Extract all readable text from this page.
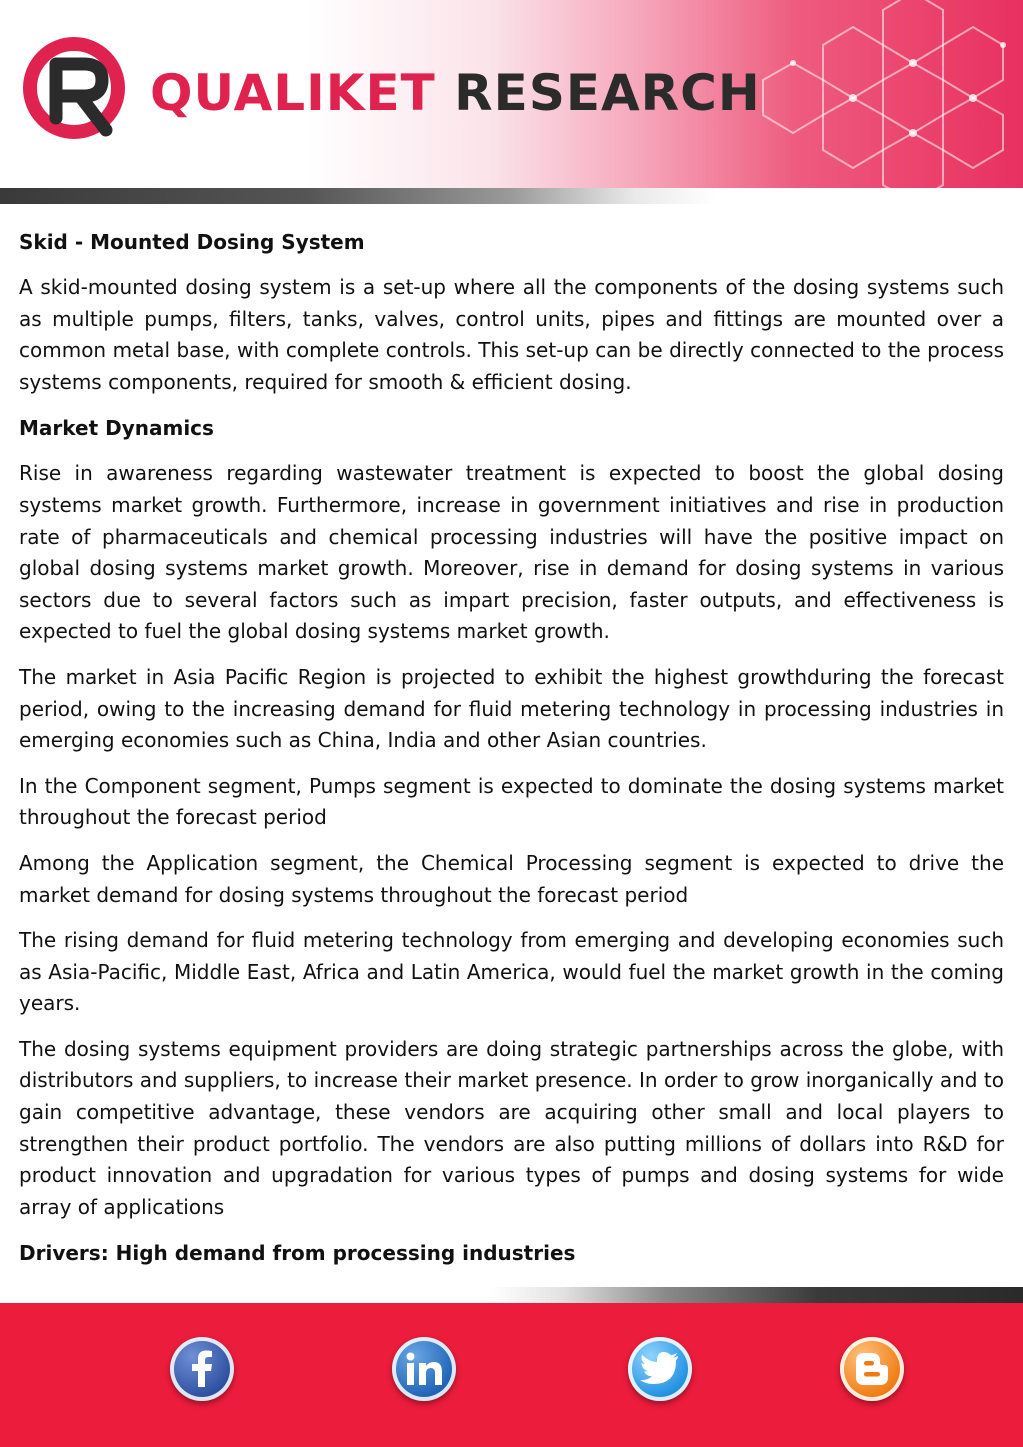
QUALIKET RESEARCH
Skid - Mounted Dosing System

A skid-mounted dosing system is a set-up where all the components of the dosing systems such as multiple pumps, filters, tanks, valves, control units, pipes and fittings are mounted over a common metal base, with complete controls. This set-up can be directly connected to the process systems components, required for smooth & efficient dosing.

Market Dynamics

Rise in awareness regarding wastewater treatment is expected to boost the global dosing systems market growth. Furthermore, increase in government initiatives and rise in production rate of pharmaceuticals and chemical processing industries will have the positive impact on global dosing systems market growth. Moreover, rise in demand for dosing systems in various sectors due to several factors such as impart precision, faster outputs, and effectiveness is expected to fuel the global dosing systems market growth.

The market in Asia Pacific Region is projected to exhibit the highest growthduring the forecast period, owing to the increasing demand for fluid metering technology in processing industries in emerging economies such as China, India and other Asian countries.

In the Component segment, Pumps segment is expected to dominate the dosing systems market throughout the forecast period

Among the Application segment, the Chemical Processing segment is expected to drive the market demand for dosing systems throughout the forecast period

The rising demand for fluid metering technology from emerging and developing economies such as Asia-Pacific, Middle East, Africa and Latin America, would fuel the market growth in the coming years.

The dosing systems equipment providers are doing strategic partnerships across the globe, with distributors and suppliers, to increase their market presence. In order to grow inorganically and to gain competitive advantage, these vendors are acquiring other small and local players to strengthen their product portfolio. The vendors are also putting millions of dollars into R&D for product innovation and upgradation for various types of pumps and dosing systems for wide array of applications

Drivers: High demand from processing industries
